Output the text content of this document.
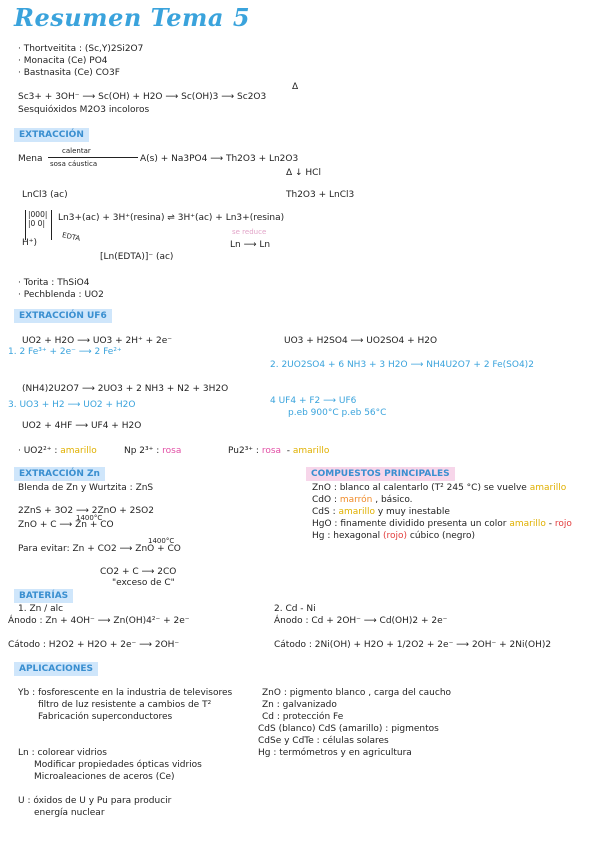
Resumen Tema 5
· Thortveitita : (Sc,Y)2Si2O7
· Monacita (Ce) PO4
· Bastnasita (Ce) CO3F
Sc3+ + 3OH⁻ ⟶ Sc(OH) + H2O ⟶ Sc(OH)3 ⟶ Sc2O3
Δ
Sesquióxidos M2O3 incoloros
EXTRACCIÓN
Mena
calentar
sosa cáustica	A(s) + Na3PO4 ⟶ Th2O3 + Ln2O3
Δ ↓ HCl
LnCl3 (ac)	Th2O3 + LnCl3
|000|
|0 0|
H⁺)
Ln3+(ac) + 3H⁺(resina) ⇌ 3H⁺(ac) + Ln3+(resina)
EDTA
[Ln(EDTA)]⁻ (ac)
se reduce
Ln ⟶ Ln
· Torita : ThSiO4
· Pechblenda : UO2
EXTRACCIÓN UF6
UO2 + H2O ⟶ UO3 + 2H⁺ + 2e⁻
1. 2 Fe³⁺ + 2e⁻ ⟶ 2 Fe²⁺
UO3 + H2SO4 ⟶ UO2SO4 + H2O
2. 2UO2SO4 + 6 NH3 + 3 H2O ⟶ NH4U2O7 + 2 Fe(SO4)2
(NH4)2U2O7 ⟶ 2UO3 + 2 NH3 + N2 + 3H2O
3. UO3 + H2 ⟶ UO2 + H2O
UO2 + 4HF ⟶ UF4 + H2O
4 UF4 + F2 ⟶ UF6
p.eb 900°C p.eb 56°C
· UO2²⁺ : amarillo	Np 2³⁺ : rosa	Pu2³⁺ : rosa  - amarillo
EXTRACCIÓN Zn
Blenda de Zn y Wurtzita : ZnS
2ZnS + 3O2 ⟶ 2ZnO + 2SO2
1400°C
ZnO + C ⟶ Zn + CO
1400°C
Para evitar: Zn + CO2 ⟶ ZnO + CO
CO2 + C ⟶ 2CO
"exceso de C"
COMPUESTOS PRINCIPALES
ZnO : blanco al calentarlo (T² 245 °C) se vuelve amarillo
CdO : marrón , básico.
CdS : amarillo y muy inestable
HgO : finamente dividido presenta un color amarillo - rojo
Hg : hexagonal (rojo) cúbico (negro)
BATERÍAS
1. Zn / alc
Ánodo : Zn + 4OH⁻ ⟶ Zn(OH)4²⁻ + 2e⁻
Cátodo : H2O2 + H2O + 2e⁻ ⟶ 2OH⁻
2. Cd - Ni
Ánodo : Cd + 2OH⁻ ⟶ Cd(OH)2 + 2e⁻
Cátodo : 2Ni(OH) + H2O + 1/2O2 + 2e⁻ ⟶ 2OH⁻ + 2Ni(OH)2
APLICACIONES
Yb : fosforescente en la industria de televisores
filtro de luz resistente a cambios de T²
Fabricación superconductores
Ln : colorear vidrios
Modificar propiedades ópticas vidrios
Microaleaciones de aceros (Ce)
U : óxidos de U y Pu para producir
energía nuclear
ZnO : pigmento blanco , carga del caucho
Zn : galvanizado
Cd : protección Fe
CdS (blanco) CdS (amarillo) : pigmentos
CdSe y CdTe : células solares
Hg : termómetros y en agricultura
